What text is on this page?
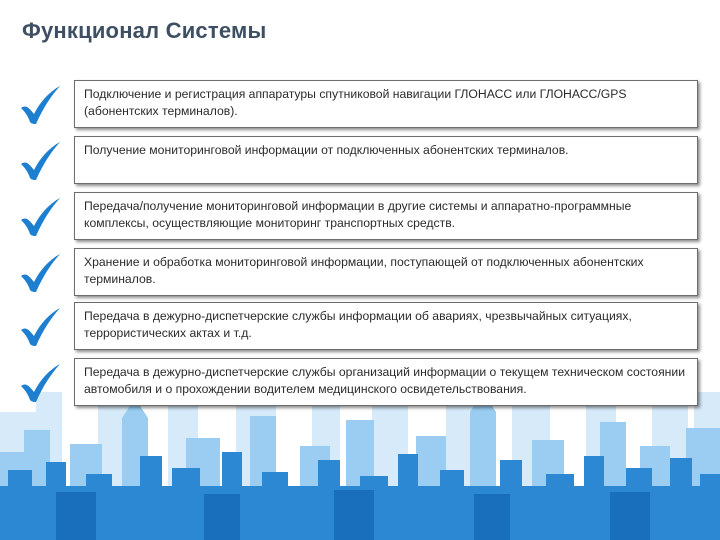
Функционал Системы
Подключение и регистрация аппаратуры спутниковой навигации ГЛОНАСС или ГЛОНАСС/GPS (абонентских терминалов).
Получение мониторинговой информации от подключенных абонентских терминалов.
Передача/получение мониторинговой информации в другие системы и аппаратно-программные комплексы, осуществляющие мониторинг транспортных средств.
Хранение и обработка мониторинговой информации, поступающей от подключенных абонентских терминалов.
Передача в дежурно-диспетчерские службы информации об авариях, чрезвычайных ситуациях, террористических актах и т.д.
Передача в дежурно-диспетчерские службы организаций информации о текущем техническом состоянии автомобиля и о прохождении водителем медицинского освидетельствования.
